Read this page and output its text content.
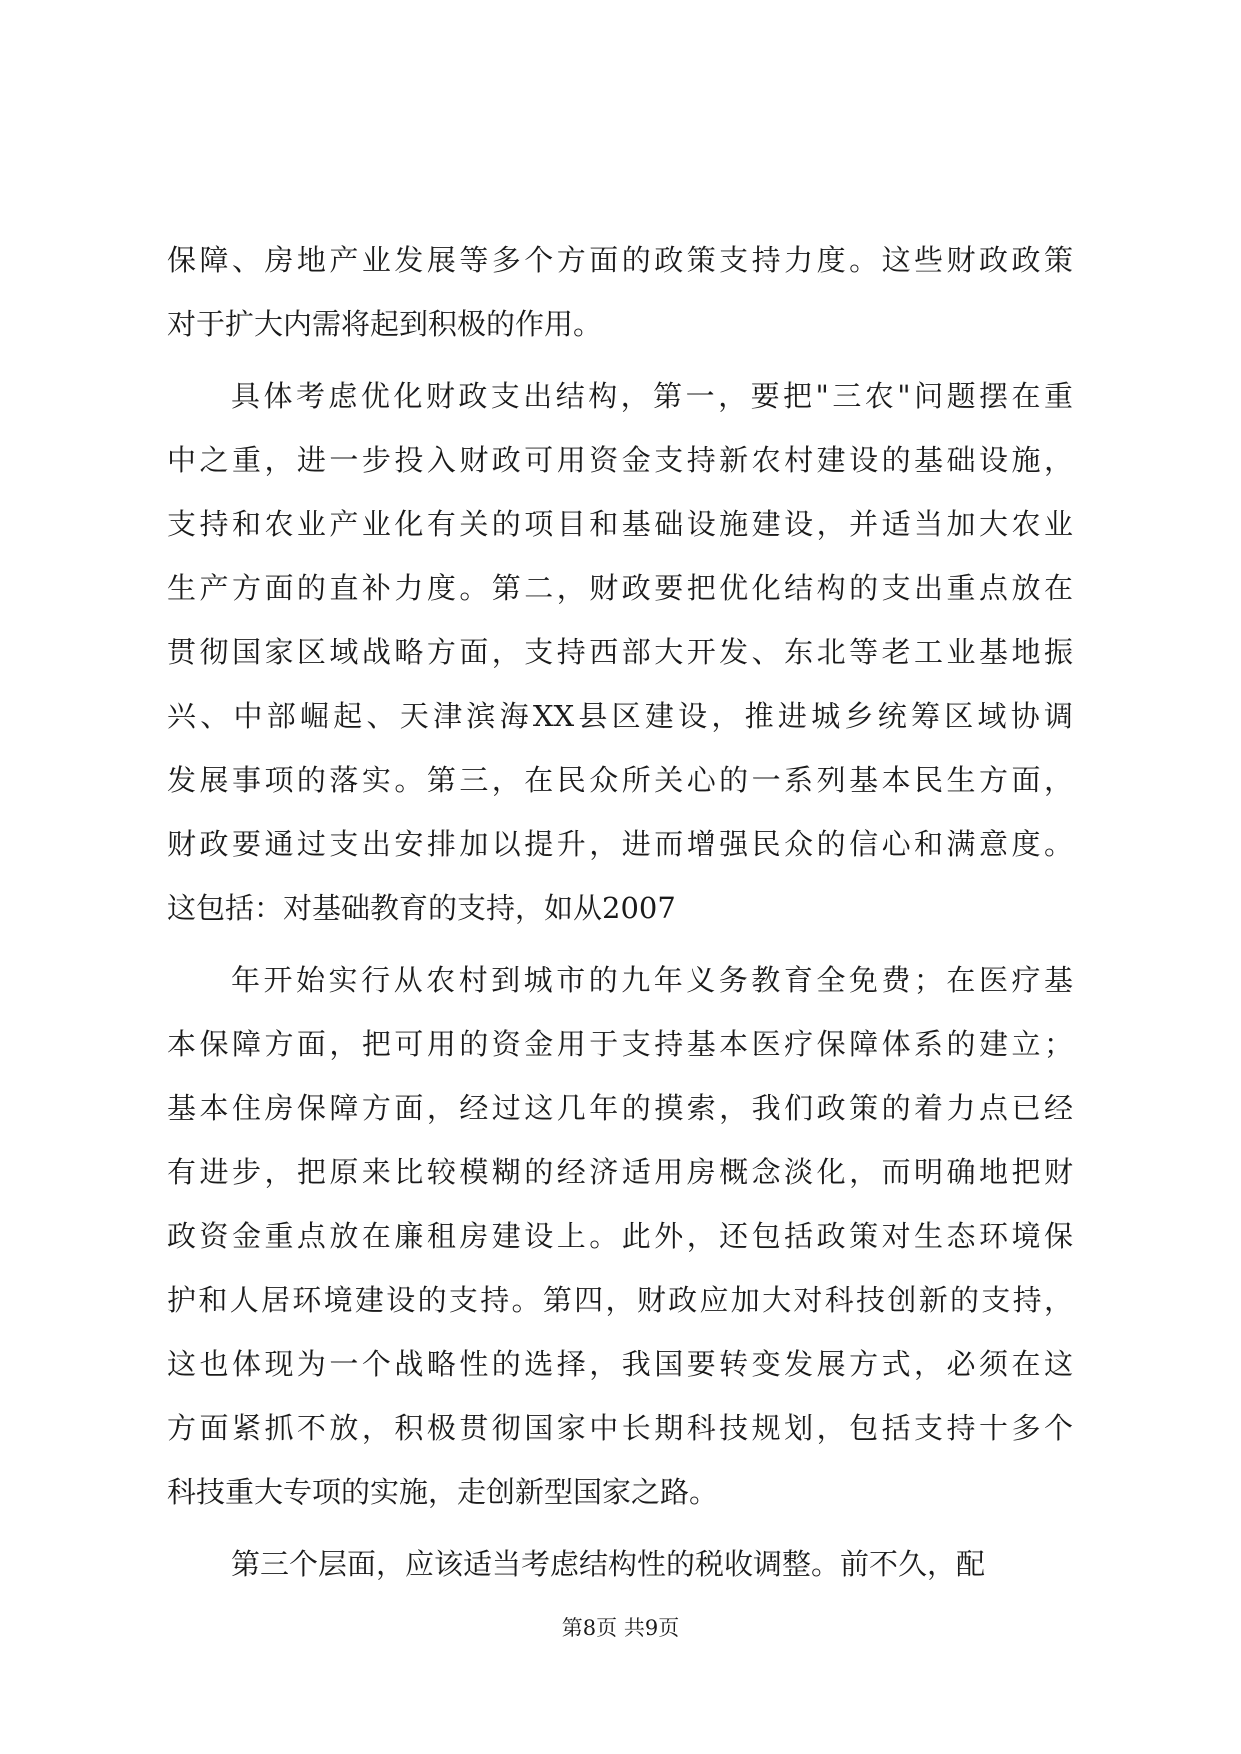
保障、房地产业发展等多个方面的政策支持力度。这些财政政策
对于扩大内需将起到积极的作用。
具体考虑优化财政支出结构，第一，要把"三农"问题摆在重
中之重，进一步投入财政可用资金支持新农村建设的基础设施，
支持和农业产业化有关的项目和基础设施建设，并适当加大农业
生产方面的直补力度。第二，财政要把优化结构的支出重点放在
贯彻国家区域战略方面，支持西部大开发、东北等老工业基地振
兴、中部崛起、天津滨海XX县区建设，推进城乡统筹区域协调
发展事项的落实。第三，在民众所关心的一系列基本民生方面，
财政要通过支出安排加以提升，进而增强民众的信心和满意度。
这包括：对基础教育的支持，如从2007
年开始实行从农村到城市的九年义务教育全免费；在医疗基
本保障方面，把可用的资金用于支持基本医疗保障体系的建立；
基本住房保障方面，经过这几年的摸索，我们政策的着力点已经
有进步，把原来比较模糊的经济适用房概念淡化，而明确地把财
政资金重点放在廉租房建设上。此外，还包括政策对生态环境保
护和人居环境建设的支持。第四，财政应加大对科技创新的支持，
这也体现为一个战略性的选择，我国要转变发展方式，必须在这
方面紧抓不放，积极贯彻国家中长期科技规划，包括支持十多个
科技重大专项的实施，走创新型国家之路。
第三个层面，应该适当考虑结构性的税收调整。前不久，配
第8页 共9页
